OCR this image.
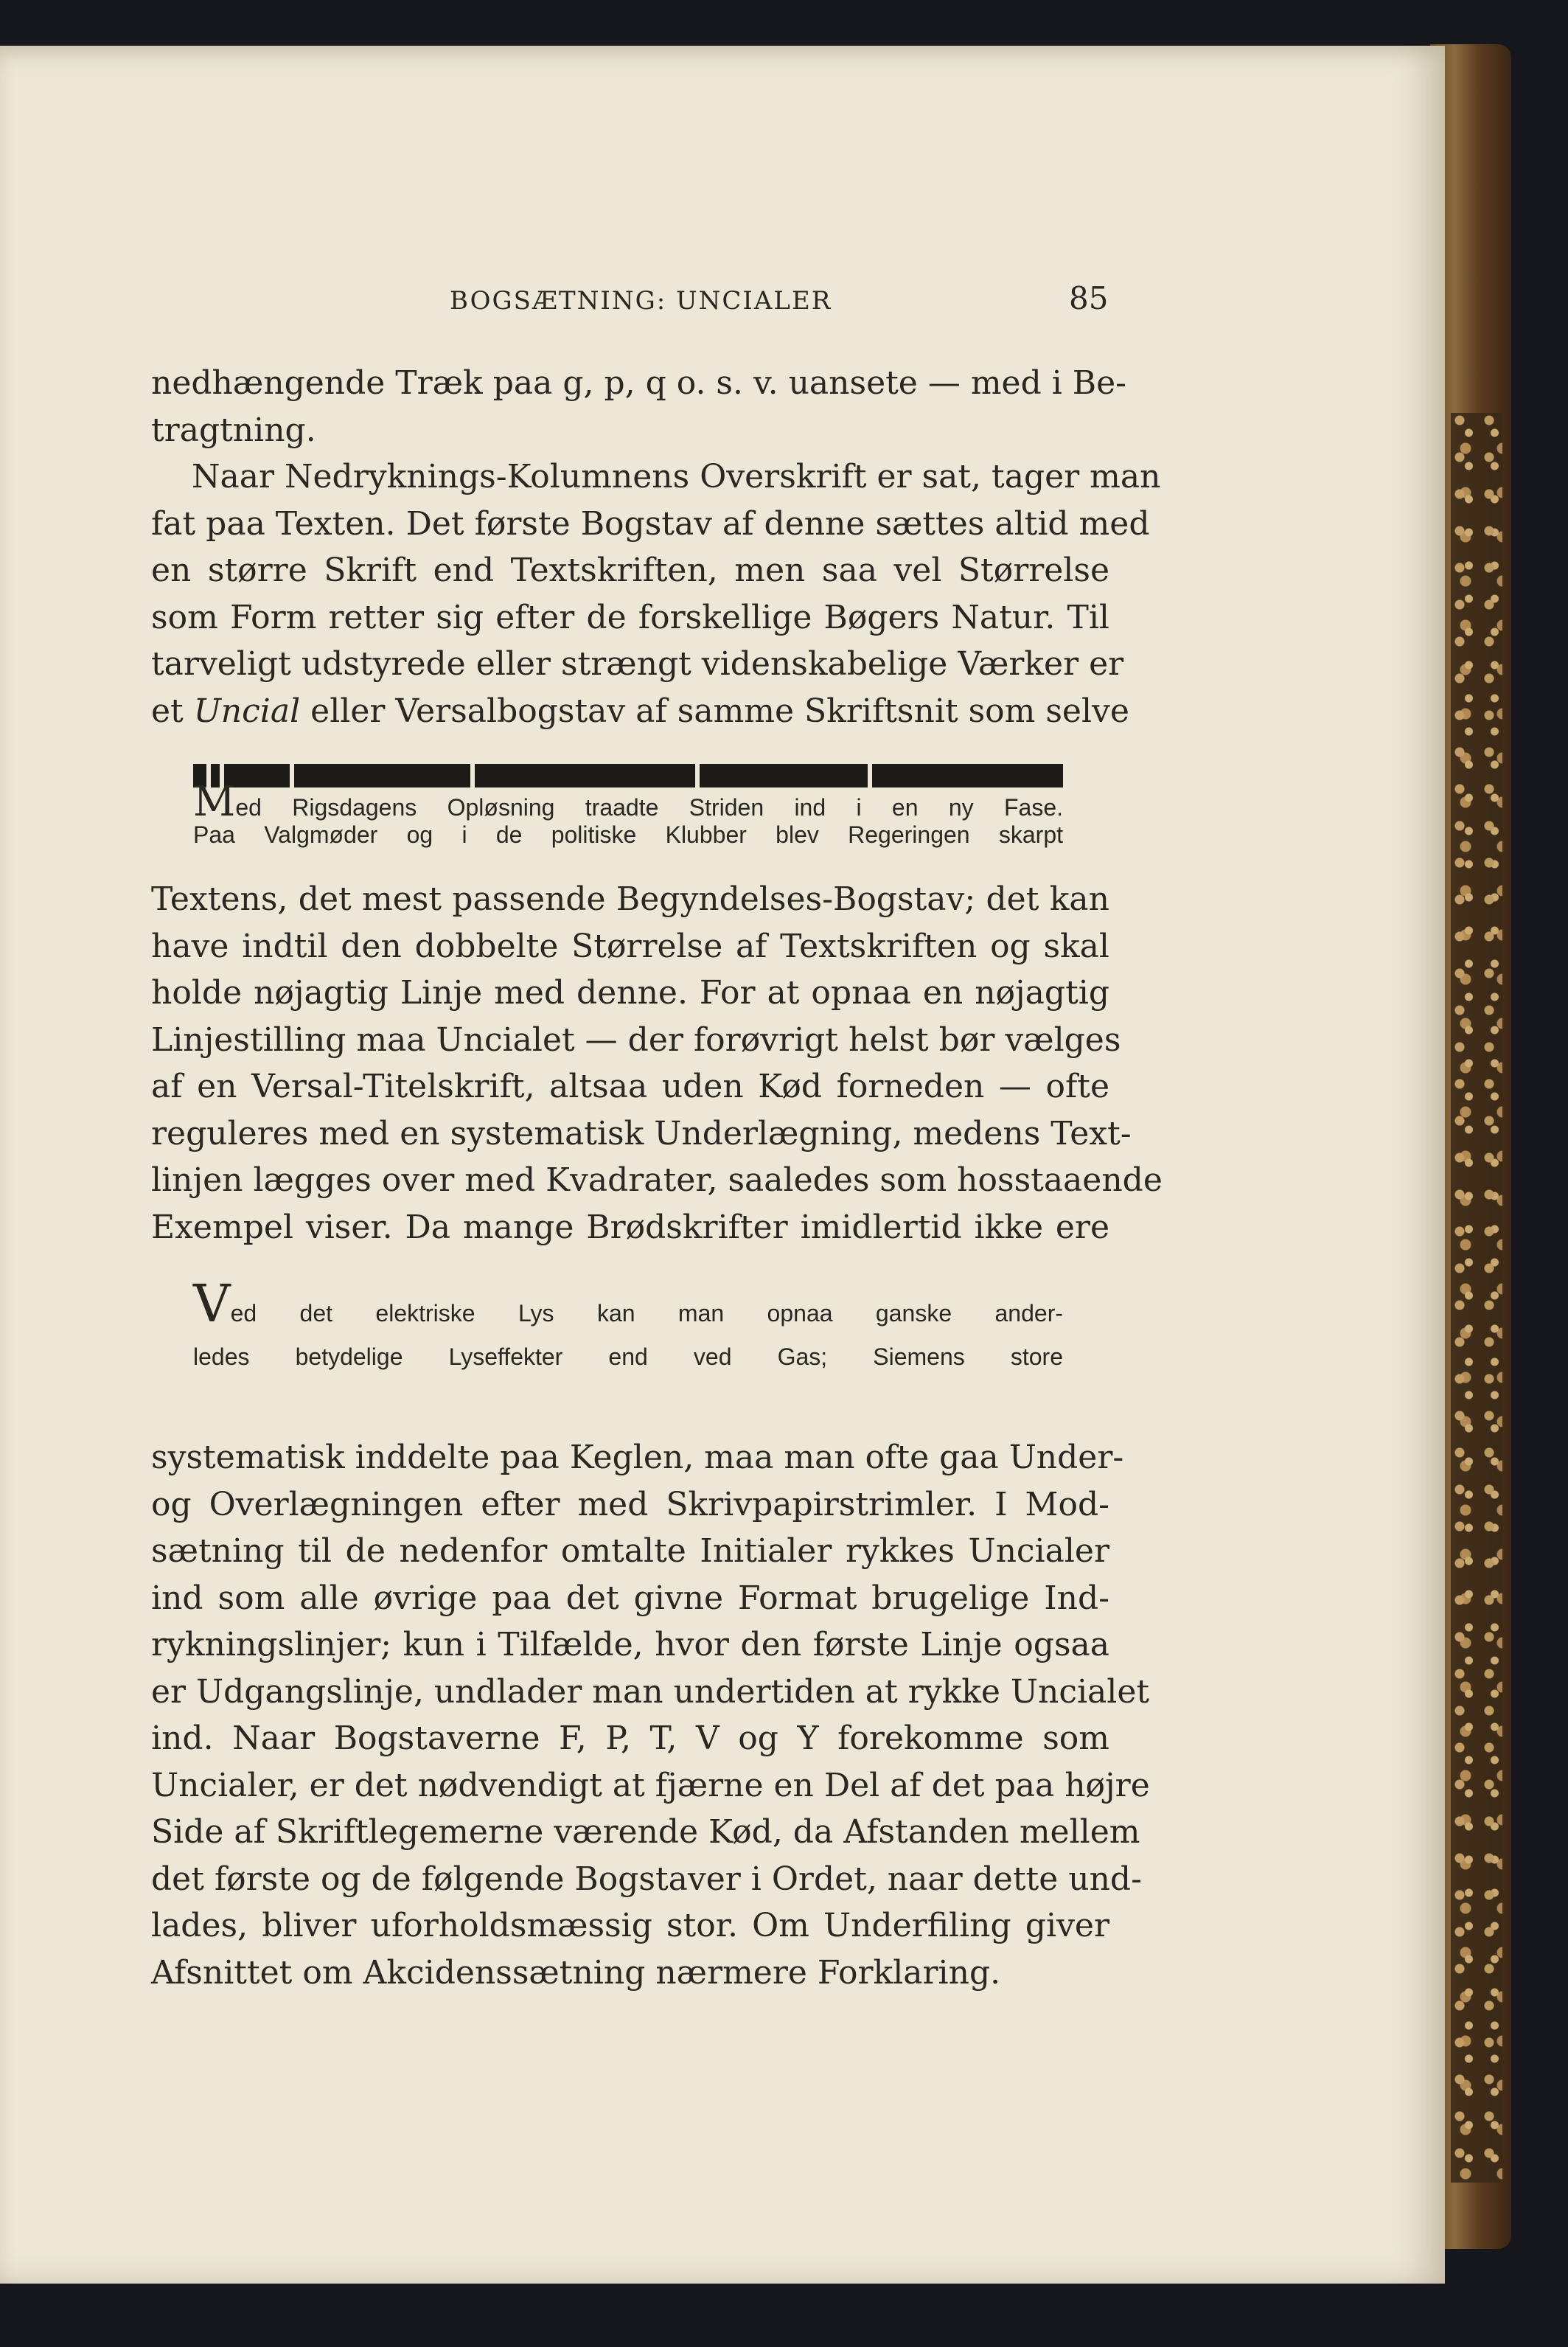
BOGSÆTNING: UNCIALER	85
nedhængende Træk paa g, p, q o. s. v. uansete — med i Be-
tragtning.
Naar Nedryknings-Kolumnens Overskrift er sat, tager man
fat paa Texten. Det første Bogstav af denne sættes altid med
en større Skrift end Textskriften, men saa vel Størrelse
som Form retter sig efter de forskellige Bøgers Natur. Til
tarveligt udstyrede eller strængt videnskabelige Værker er
et Uncial eller Versalbogstav af samme Skriftsnit som selve
Med Rigsdagens Opløsning traadte Striden ind i en ny Fase.
Paa Valgmøder og i de politiske Klubber blev Regeringen skarpt
Textens, det mest passende Begyndelses-Bogstav; det kan
have indtil den dobbelte Størrelse af Textskriften og skal
holde nøjagtig Linje med denne. For at opnaa en nøjagtig
Linjestilling maa Uncialet — der forøvrigt helst bør vælges
af en Versal-Titelskrift, altsaa uden Kød forneden — ofte
reguleres med en systematisk Underlægning, medens Text-
linjen lægges over med Kvadrater, saaledes som hosstaaende
Exempel viser. Da mange Brødskrifter imidlertid ikke ere
Ved det elektriske Lys kan man opnaa ganske ander-
ledes betydelige Lyseffekter end ved Gas; Siemens store
systematisk inddelte paa Keglen, maa man ofte gaa Under-
og Overlægningen efter med Skrivpapirstrimler. I Mod-
sætning til de nedenfor omtalte Initialer rykkes Uncialer
ind som alle øvrige paa det givne Format brugelige Ind-
rykningslinjer; kun i Tilfælde, hvor den første Linje ogsaa
er Udgangslinje, undlader man undertiden at rykke Uncialet
ind. Naar Bogstaverne F, P, T, V og Y forekomme som
Uncialer, er det nødvendigt at fjærne en Del af det paa højre
Side af Skriftlegemerne værende Kød, da Afstanden mellem
det første og de følgende Bogstaver i Ordet, naar dette und-
lades, bliver uforholdsmæssig stor. Om Underfiling giver
Afsnittet om Akcidenssætning nærmere Forklaring.
